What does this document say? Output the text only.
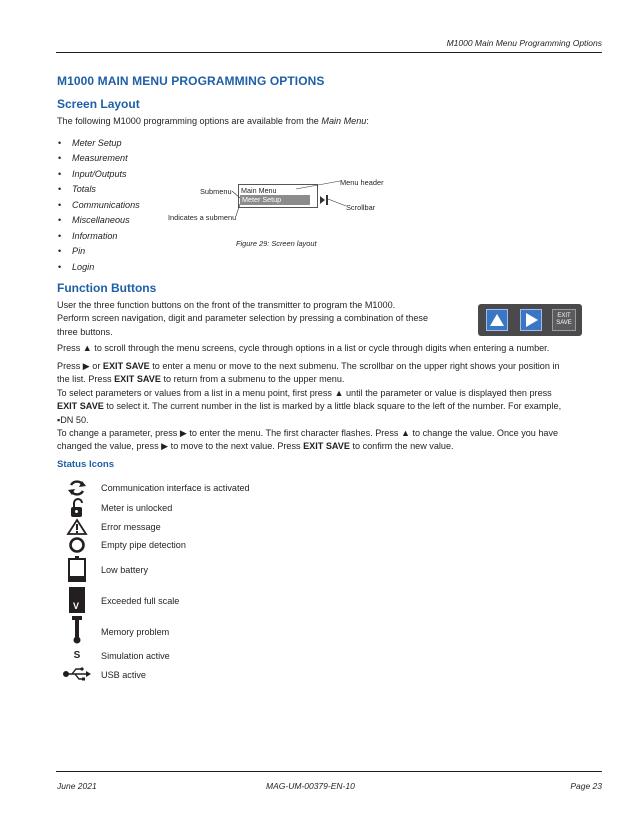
M1000 Main Menu Programming Options
M1000 MAIN MENU PROGRAMMING OPTIONS
Screen Layout
The following M1000 programming options are available from the Main Menu:
• Meter Setup
• Measurement
• Input/Outputs
• Totals
• Communications
• Miscellaneous
• Information
• Pin
• Login
Menu header
Submenu
Scrollbar
Indicates a submenu
Main Menu
Meter Setup
Figure 29: Screen layout
Function Buttons
User the three function buttons on the front of the transmitter to program the M1000.
Perform screen navigation, digit and parameter selection by pressing a combination of these
three buttons.
EXIT
SAVE
Press ▲ to scroll through the menu screens, cycle through options in a list or cycle through digits when entering a number.
Press ▶ or EXIT SAVE to enter a menu or move to the next submenu. The scrollbar on the upper right shows your position in
the list. Press EXIT SAVE to return from a submenu to the upper menu.
To select parameters or values from a list in a menu point, first press ▲ until the parameter or value is displayed then press
EXIT SAVE to select it. The current number in the list is marked by a little black square to the left of the number. For example,
▪DN 50.
To change a parameter, press ▶ to enter the menu. The first character flashes. Press ▲ to change the value. Once you have
changed the value, press ▶ to move to the next value. Press EXIT SAVE to confirm the new value.
Status Icons
Communication interface is activated
Meter is unlocked
Error message
Empty pipe detection
Low battery
V Exceeded full scale
Memory problem
S	Simulation active
USB active
June 2021	MAG-UM-00379-EN-10	Page 23
